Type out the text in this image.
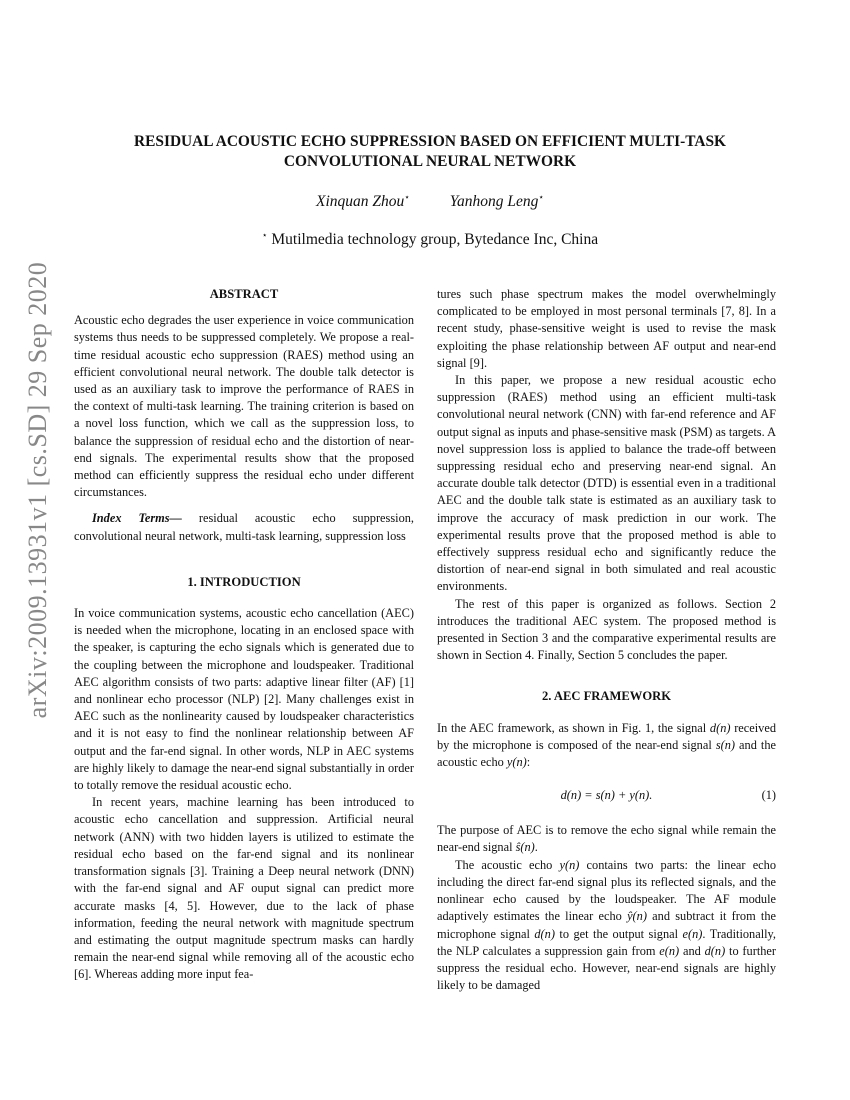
arXiv:2009.13931v1 [cs.SD] 29 Sep 2020
RESIDUAL ACOUSTIC ECHO SUPPRESSION BASED ON EFFICIENT MULTI-TASK
CONVOLUTIONAL NEURAL NETWORK
Xinquan Zhou⋆	Yanhong Leng⋆
⋆ Mutilmedia technology group, Bytedance Inc, China
ABSTRACT

Acoustic echo degrades the user experience in voice communication systems thus needs to be suppressed completely. We propose a real-time residual acoustic echo suppression (RAES) method using an efficient convolutional neural network. The double talk detector is used as an auxiliary task to improve the performance of RAES in the context of multi-task learning. The training criterion is based on a novel loss function, which we call as the suppression loss, to balance the suppression of residual echo and the distortion of near-end signals. The experimental results show that the proposed method can efficiently suppress the residual echo under different circumstances.

Index Terms— residual acoustic echo suppression, convolutional neural network, multi-task learning, suppression loss

1. INTRODUCTION

In voice communication systems, acoustic echo cancellation (AEC) is needed when the microphone, locating in an enclosed space with the speaker, is capturing the echo signals which is generated due to the coupling between the microphone and loudspeaker. Traditional AEC algorithm consists of two parts: adaptive linear filter (AF) [1] and nonlinear echo processor (NLP) [2]. Many challenges exist in AEC such as the nonlinearity caused by loudspeaker characteristics and it is not easy to find the nonlinear relationship between AF output and the far-end signal. In other words, NLP in AEC systems are highly likely to damage the near-end signal substantially in order to totally remove the residual acoustic echo.

In recent years, machine learning has been introduced to acoustic echo cancellation and suppression. Artificial neural network (ANN) with two hidden layers is utilized to estimate the residual echo based on the far-end signal and its nonlinear transformation signals [3]. Training a Deep neural network (DNN) with the far-end signal and AF ouput signal can predict more accurate masks [4, 5]. However, due to the lack of phase information, feeding the neural network with magnitude spectrum and estimating the output magnitude spectrum masks can hardly remain the near-end signal while removing all of the acoustic echo [6]. Whereas adding more input fea-

tures such phase spectrum makes the model overwhelmingly complicated to be employed in most personal terminals [7, 8]. In a recent study, phase-sensitive weight is used to revise the mask exploiting the phase relationship between AF output and near-end signal [9].

In this paper, we propose a new residual acoustic echo suppression (RAES) method using an efficient multi-task convolutional neural network (CNN) with far-end reference and AF output signal as inputs and phase-sensitive mask (PSM) as targets. A novel suppression loss is applied to balance the trade-off between suppressing residual echo and preserving near-end signal. An accurate double talk detector (DTD) is essential even in a traditional AEC and the double talk state is estimated as an auxiliary task to improve the accuracy of mask prediction in our work. The experimental results prove that the proposed method is able to effectively suppress residual echo and significantly reduce the distortion of near-end signal in both simulated and real acoustic environments.

The rest of this paper is organized as follows. Section 2 introduces the traditional AEC system. The proposed method is presented in Section 3 and the comparative experimental results are shown in Section 4. Finally, Section 5 concludes the paper.

2. AEC FRAMEWORK

In the AEC framework, as shown in Fig. 1, the signal d(n) received by the microphone is composed of the near-end signal s(n) and the acoustic echo y(n):

d(n) = s(n) + y(n).	(1)

The purpose of AEC is to remove the echo signal while remain the near-end signal ŝ(n).

The acoustic echo y(n) contains two parts: the linear echo including the direct far-end signal plus its reflected signals, and the nonlinear echo caused by the loudspeaker. The AF module adaptively estimates the linear echo ŷ(n) and subtract it from the microphone signal d(n) to get the output signal e(n). Traditionally, the NLP calculates a suppression gain from e(n) and d(n) to further suppress the residual echo. However, near-end signals are highly likely to be damaged
